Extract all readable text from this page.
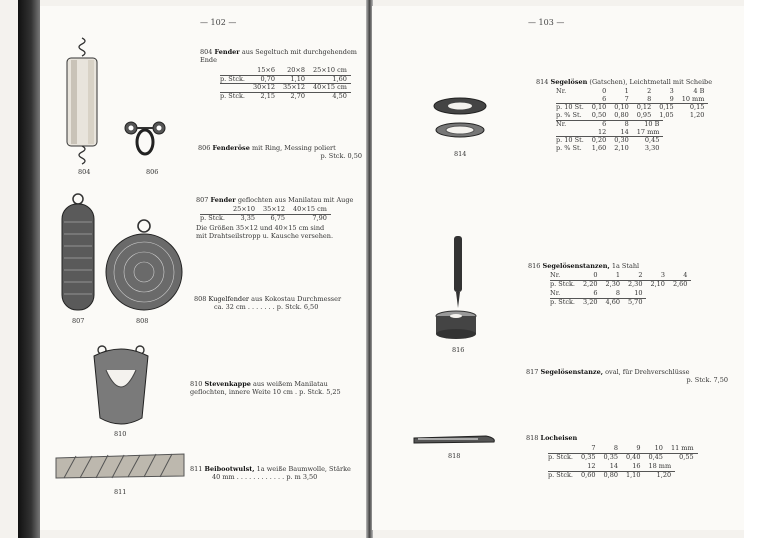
— 102 —
804	806
807	808
810
811
804 Fender aus Segeltuch mit durchgehendem Ende
	15×6	20×8	25×10 cm
p. Stck.	0,70	1,10	1,60
	30×12	35×12	40×15 cm
p. Stck.	2,15	2,70	4,50
806 Fenderöse mit Ring, Messing poliert
p. Stck. 0,50
807 Fender geflochten aus Manilatau mit Auge
	25×10	35×12	40×15 cm
p. Stck.	3,35	6,75	7,90
Die Größen 35×12 und 40×15 cm sind
mit Drahtseilstropp u. Kausche versehen.
808 Kugelfender aus Kokostau Durchmesser
ca. 32 cm . . . . . . . p. Stck. 6,50
810 Stevenkappe aus weißem Manilatau geflochten, innere Weite 10 cm . p. Stck. 5,25
811 Beibootwulst, 1a weiße Baumwolle, Stärke
40 mm . . . . . . . . . . . . p. m 3,50
— 103 —
814
816
818
814 Segelösen (Gatschen), Leichtmetall mit Scheibe
Nr.	0	1	2	3	4 B
	6	7	8	9	10 mm
p. 10 St.	0,10	0,10	0,12	0,15	0,15
p. % St.	0,50	0,80	0,95	1,05	1,20
Nr.	6	8	10 B
	12	14	17 mm
p. 10 St.	0,20	0,30	0,45
p. % St.	1,60	2,10	3,30
816 Segelösenstanzen, 1a Stahl
Nr.	0	1	2	3	4
p. Stck.	2,20	2,30	2,30	2,10	2,60
Nr.	6	8	10
p. Stck.	3,20	4,60	5,70
817 Segelösenstanze, oval, für Drehverschlüsse
p. Stck. 7,50
818 Locheisen
	7	8	9	10	11 mm
p. Stck.	0,35	0,35	0,40	0,45	0,55
	12	14	16	18 mm
p. Stck.	0,60	0,80	1,10	1,20
